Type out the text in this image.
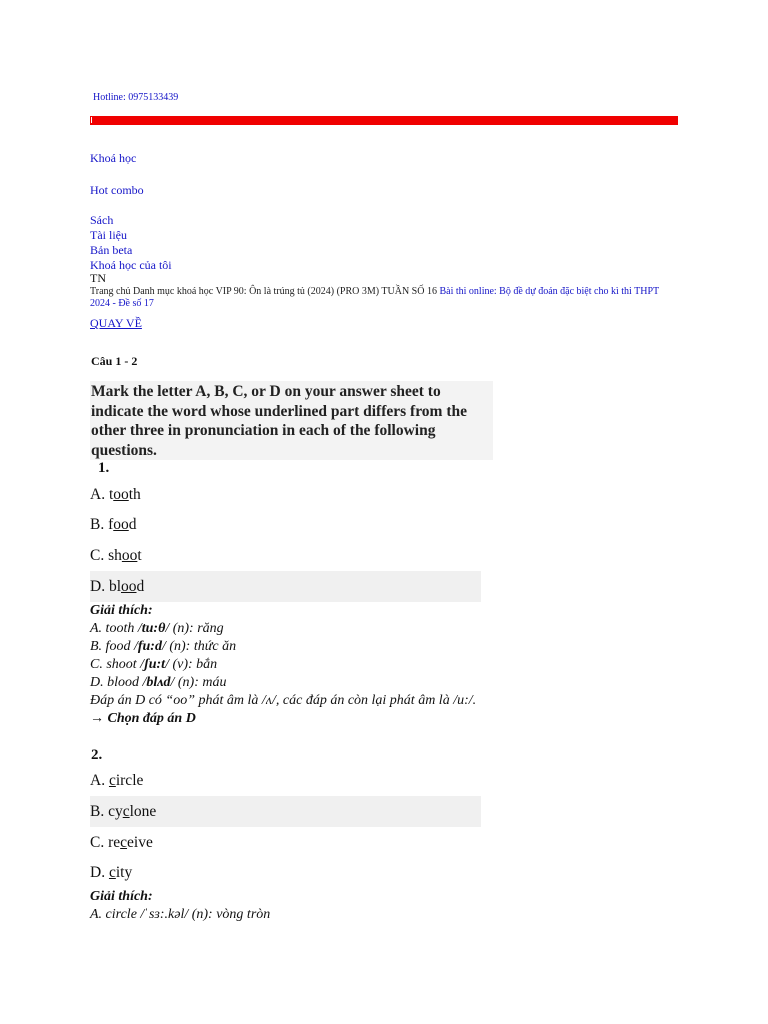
Hotline: 0975133439
Khoá học
Hot combo
Sách
Tài liệu
Bản beta
Khoá học của tôi
TN
Trang chủ Danh mục khoá học VIP 90: Ôn là trúng tủ (2024) (PRO 3M) TUẦN SỐ 16 Bài thi online: Bộ đề dự đoán đặc biệt cho kì thi THPT 2024 - Đề số 17
QUAY VỀ
Câu 1 - 2
Mark the letter A, B, C, or D on your answer sheet to indicate the word whose underlined part differs from the other three in pronunciation in each of the following questions.
1.
A. tooth
B. food
C. shoot
D. blood
Giải thích:
A. tooth /tu:θ/ (n): răng
B. food /fu:d/ (n): thức ăn
C. shoot /ʃu:t/ (v): bắn
D. blood /blʌd/ (n): máu
Đáp án D có “oo” phát âm là /ʌ/, các đáp án còn lại phát âm là /u:/.
→ Chọn đáp án D
2.
A. circle
B. cyclone
C. receive
D. city
Giải thích:
A. circle /ˈsɜ:.kəl/ (n): vòng tròn
